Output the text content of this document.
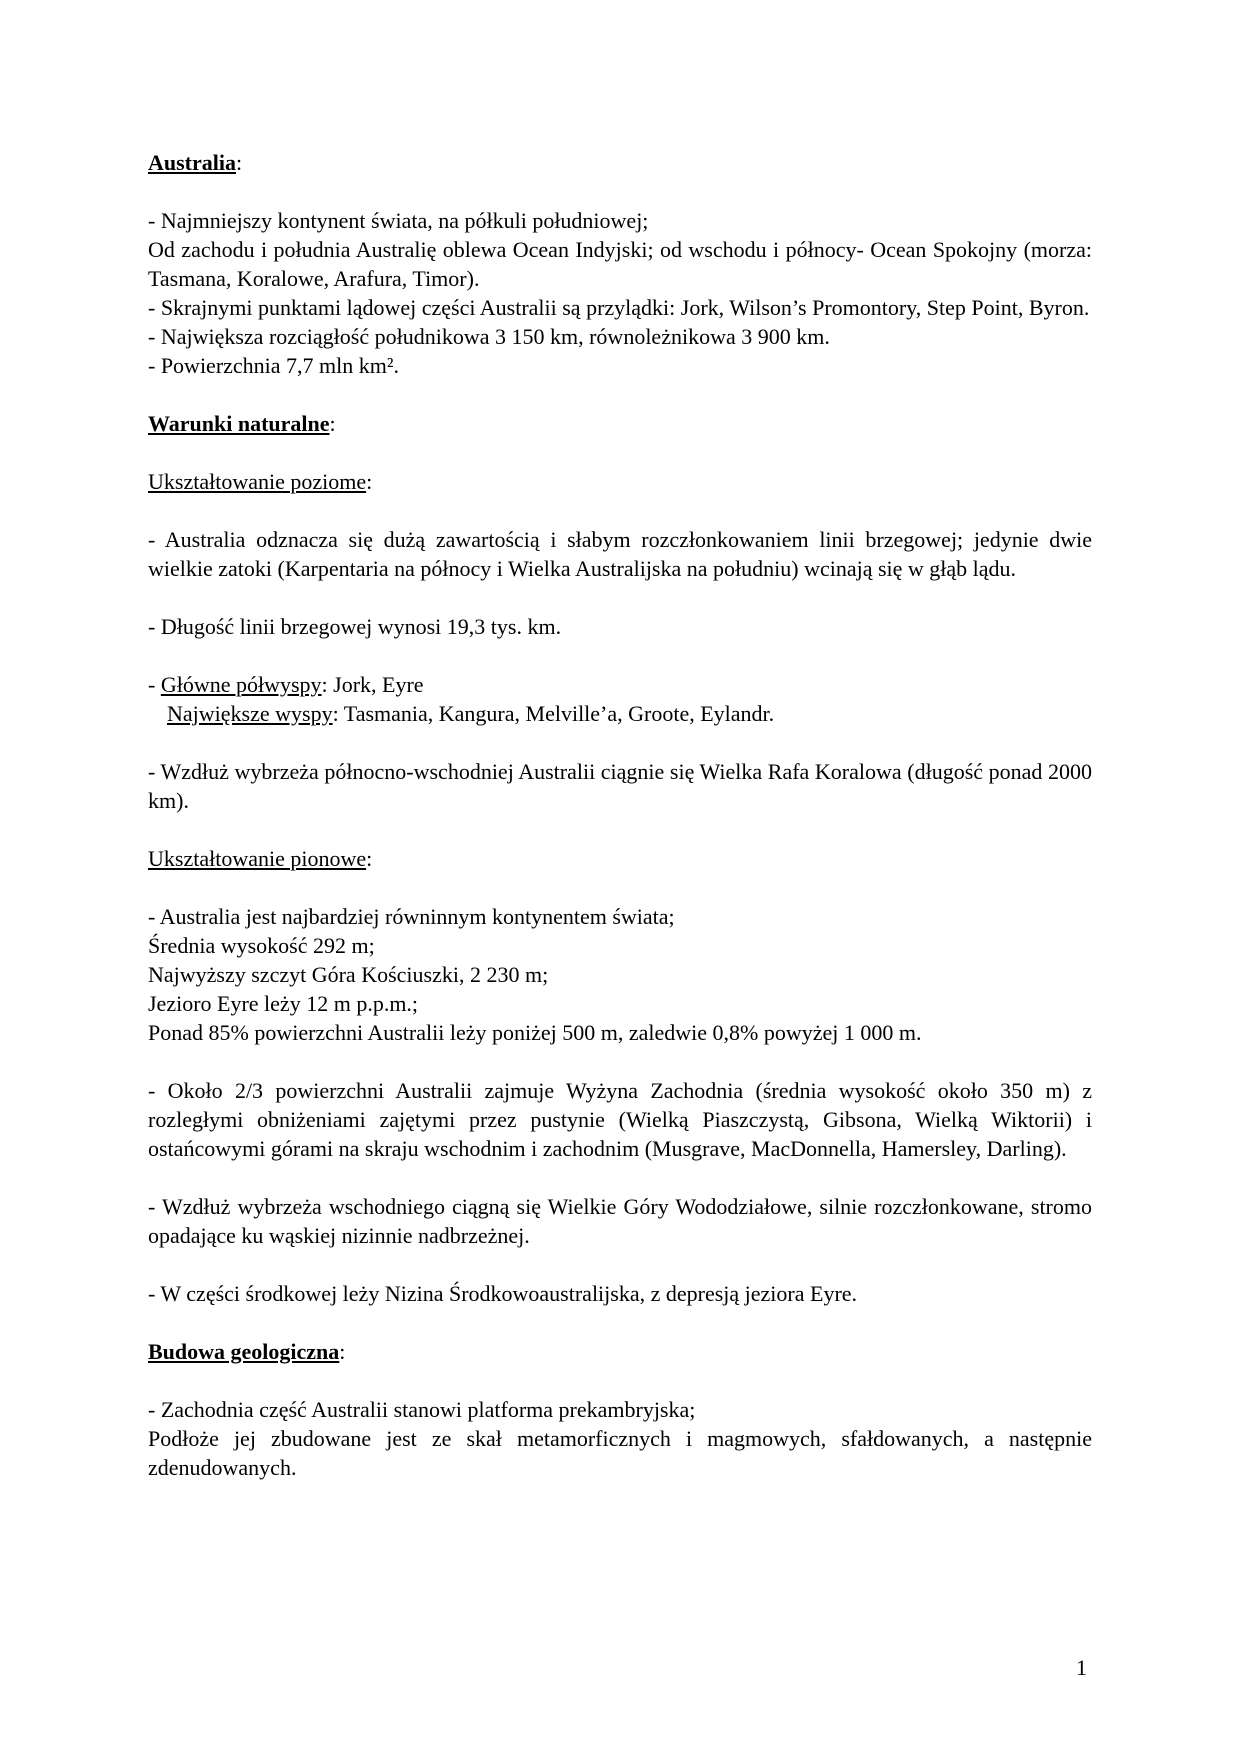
Australia:

- Najmniejszy kontynent świata, na półkuli południowej;

Od zachodu i południa Australię oblewa Ocean Indyjski; od wschodu i północy- Ocean Spokojny (morza: Tasmana, Koralowe, Arafura, Timor).

- Skrajnymi punktami lądowej części Australii są przylądki: Jork, Wilson’s Promontory, Step Point, Byron.

- Największa rozciągłość południkowa 3 150 km, równoleżnikowa 3 900 km.

- Powierzchnia 7,7 mln km².

Warunki naturalne:

Ukształtowanie poziome:

- Australia odznacza się dużą zawartością i słabym rozczłonkowaniem linii brzegowej; jedynie dwie wielkie zatoki (Karpentaria na północy i Wielka Australijska na południu) wcinają się w głąb lądu.

- Długość linii brzegowej wynosi 19,3 tys. km.

- Główne półwyspy: Jork, Eyre

Największe wyspy: Tasmania, Kangura, Melville’a, Groote, Eylandr.

- Wzdłuż wybrzeża północno-wschodniej Australii ciągnie się Wielka Rafa Koralowa (długość ponad 2000 km).

Ukształtowanie pionowe:

- Australia jest najbardziej równinnym kontynentem świata;

Średnia wysokość 292 m;

Najwyższy szczyt Góra Kościuszki, 2 230 m;

Jezioro Eyre leży 12 m p.p.m.;

Ponad 85% powierzchni Australii leży poniżej 500 m, zaledwie 0,8% powyżej 1 000 m.

- Około 2/3 powierzchni Australii zajmuje Wyżyna Zachodnia (średnia wysokość około 350 m) z rozległymi obniżeniami zajętymi przez pustynie (Wielką Piaszczystą, Gibsona, Wielką Wiktorii) i ostańcowymi górami na skraju wschodnim i zachodnim (Musgrave, MacDonnella, Hamersley, Darling).

- Wzdłuż wybrzeża wschodniego ciągną się Wielkie Góry Wododziałowe, silnie rozczłonkowane, stromo opadające ku wąskiej nizinnie nadbrzeżnej.

- W części środkowej leży Nizina Środkowoaustralijska, z depresją jeziora Eyre.

Budowa geologiczna:

- Zachodnia część Australii stanowi platforma prekambryjska;

Podłoże jej zbudowane jest ze skał metamorficznych i magmowych, sfałdowanych, a następnie zdenudowanych.

1
